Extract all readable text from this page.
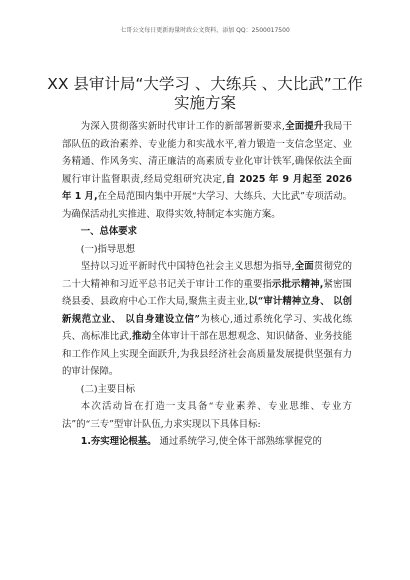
七哥公文每日更新海量时政公文资料，添加 QQ：2500017500
XX 县审计局“大学习 、大练兵 、大比武”工作实施方案

为深入贯彻落实新时代审计工作的新部署新要求,全面提升我局干部队伍的政治素养、专业能力和实战水平,着力锻造一支信念坚定、业务精通、作风务实、清正廉洁的高素质专业化审计铁军,确保依法全面履行审计监督职责,经局党组研究决定,自 2025 年 9 月起至 2026 年 1 月,在全局范围内集中开展“大学习、大练兵、大比武”专项活动。为确保活动扎实推进、取得实效,特制定本实施方案。

一、总体要求

(一)指导思想

坚持以习近平新时代中国特色社会主义思想为指导,全面贯彻党的二十大精神和习近平总书记关于审计工作的重要指示批示精神,紧密围绕县委、县政府中心工作大局,聚焦主责主业,以“审计精神立身、 以创新规范立业、 以自身建设立信”为核心,通过系统化学习、实战化练兵、高标准比武,推动全体审计干部在思想观念、知识储备、业务技能和工作作风上实现全面跃升,为我县经济社会高质量发展提供坚强有力的审计保障。

(二)主要目标

本次活动旨在打造一支具备“专业素养、专业思维、专业方法”的“三专”型审计队伍,力求实现以下具体目标:

1.夯实理论根基。 通过系统学习,使全体干部熟练掌握党的
